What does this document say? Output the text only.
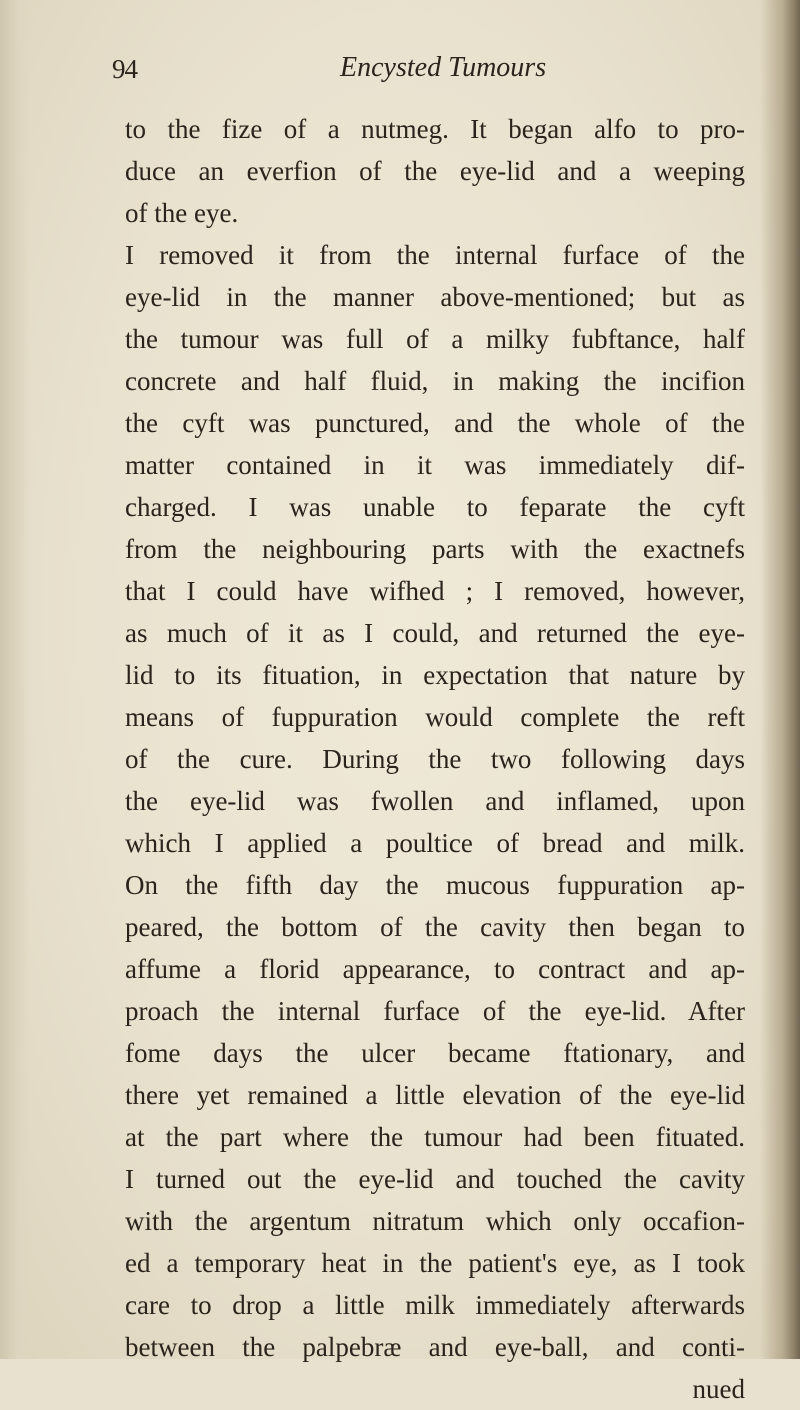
94	Encysted Tumours
to the fize of a nutmeg. It began alfo to pro-
duce an everfion of the eye-lid and a weeping
of the eye.
I removed it from the internal furface of the
eye-lid in the manner above-mentioned; but as
the tumour was full of a milky fubftance, half
concrete and half fluid, in making the incifion
the cyft was punctured, and the whole of the
matter contained in it was immediately dif-
charged. I was unable to feparate the cyft
from the neighbouring parts with the exactnefs
that I could have wifhed ; I removed, however,
as much of it as I could, and returned the eye-
lid to its fituation, in expectation that nature by
means of fuppuration would complete the reft
of the cure. During the two following days
the eye-lid was fwollen and inflamed, upon
which I applied a poultice of bread and milk.
On the fifth day the mucous fuppuration ap-
peared, the bottom of the cavity then began to
affume a florid appearance, to contract and ap-
proach the internal furface of the eye-lid. After
fome days the ulcer became ftationary, and
there yet remained a little elevation of the eye-lid
at the part where the tumour had been fituated.
I turned out the eye-lid and touched the cavity
with the argentum nitratum which only occafion-
ed a temporary heat in the patient's eye, as I took
care to drop a little milk immediately afterwards
between the palpebræ and eye-ball, and conti-
nued
